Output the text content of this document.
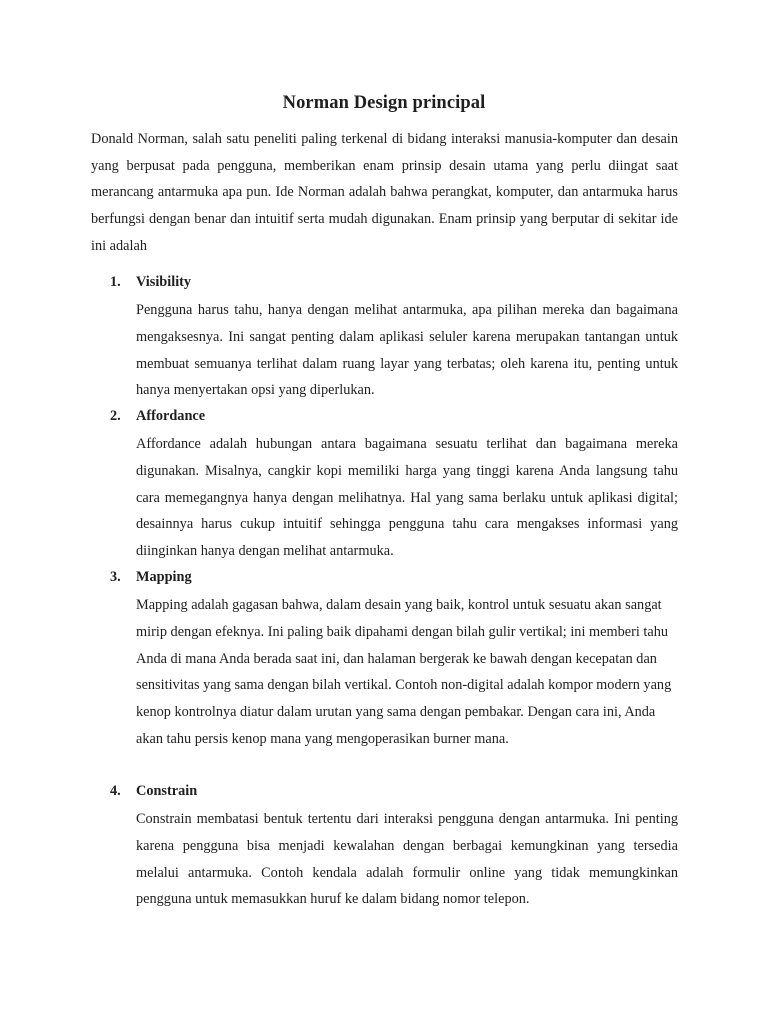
Norman Design principal

Donald Norman, salah satu peneliti paling terkenal di bidang interaksi manusia-komputer dan desain yang berpusat pada pengguna, memberikan enam prinsip desain utama yang perlu diingat saat merancang antarmuka apa pun. Ide Norman adalah bahwa perangkat, komputer, dan antarmuka harus berfungsi dengan benar dan intuitif serta mudah digunakan. Enam prinsip yang berputar di sekitar ide ini adalah

1. Visibility

Pengguna harus tahu, hanya dengan melihat antarmuka, apa pilihan mereka dan bagaimana mengaksesnya. Ini sangat penting dalam aplikasi seluler karena merupakan tantangan untuk membuat semuanya terlihat dalam ruang layar yang terbatas; oleh karena itu, penting untuk hanya menyertakan opsi yang diperlukan.

2. Affordance

Affordance adalah hubungan antara bagaimana sesuatu terlihat dan bagaimana mereka digunakan. Misalnya, cangkir kopi memiliki harga yang tinggi karena Anda langsung tahu cara memegangnya hanya dengan melihatnya. Hal yang sama berlaku untuk aplikasi digital; desainnya harus cukup intuitif sehingga pengguna tahu cara mengakses informasi yang diinginkan hanya dengan melihat antarmuka.

3. Mapping

Mapping adalah gagasan bahwa, dalam desain yang baik, kontrol untuk sesuatu akan sangat mirip dengan efeknya. Ini paling baik dipahami dengan bilah gulir vertikal; ini memberi tahu Anda di mana Anda berada saat ini, dan halaman bergerak ke bawah dengan kecepatan dan sensitivitas yang sama dengan bilah vertikal. Contoh non-digital adalah kompor modern yang kenop kontrolnya diatur dalam urutan yang sama dengan pembakar. Dengan cara ini, Anda akan tahu persis kenop mana yang mengoperasikan burner mana.

4. Constrain

Constrain membatasi bentuk tertentu dari interaksi pengguna dengan antarmuka. Ini penting karena pengguna bisa menjadi kewalahan dengan berbagai kemungkinan yang tersedia melalui antarmuka. Contoh kendala adalah formulir online yang tidak memungkinkan pengguna untuk memasukkan huruf ke dalam bidang nomor telepon.
